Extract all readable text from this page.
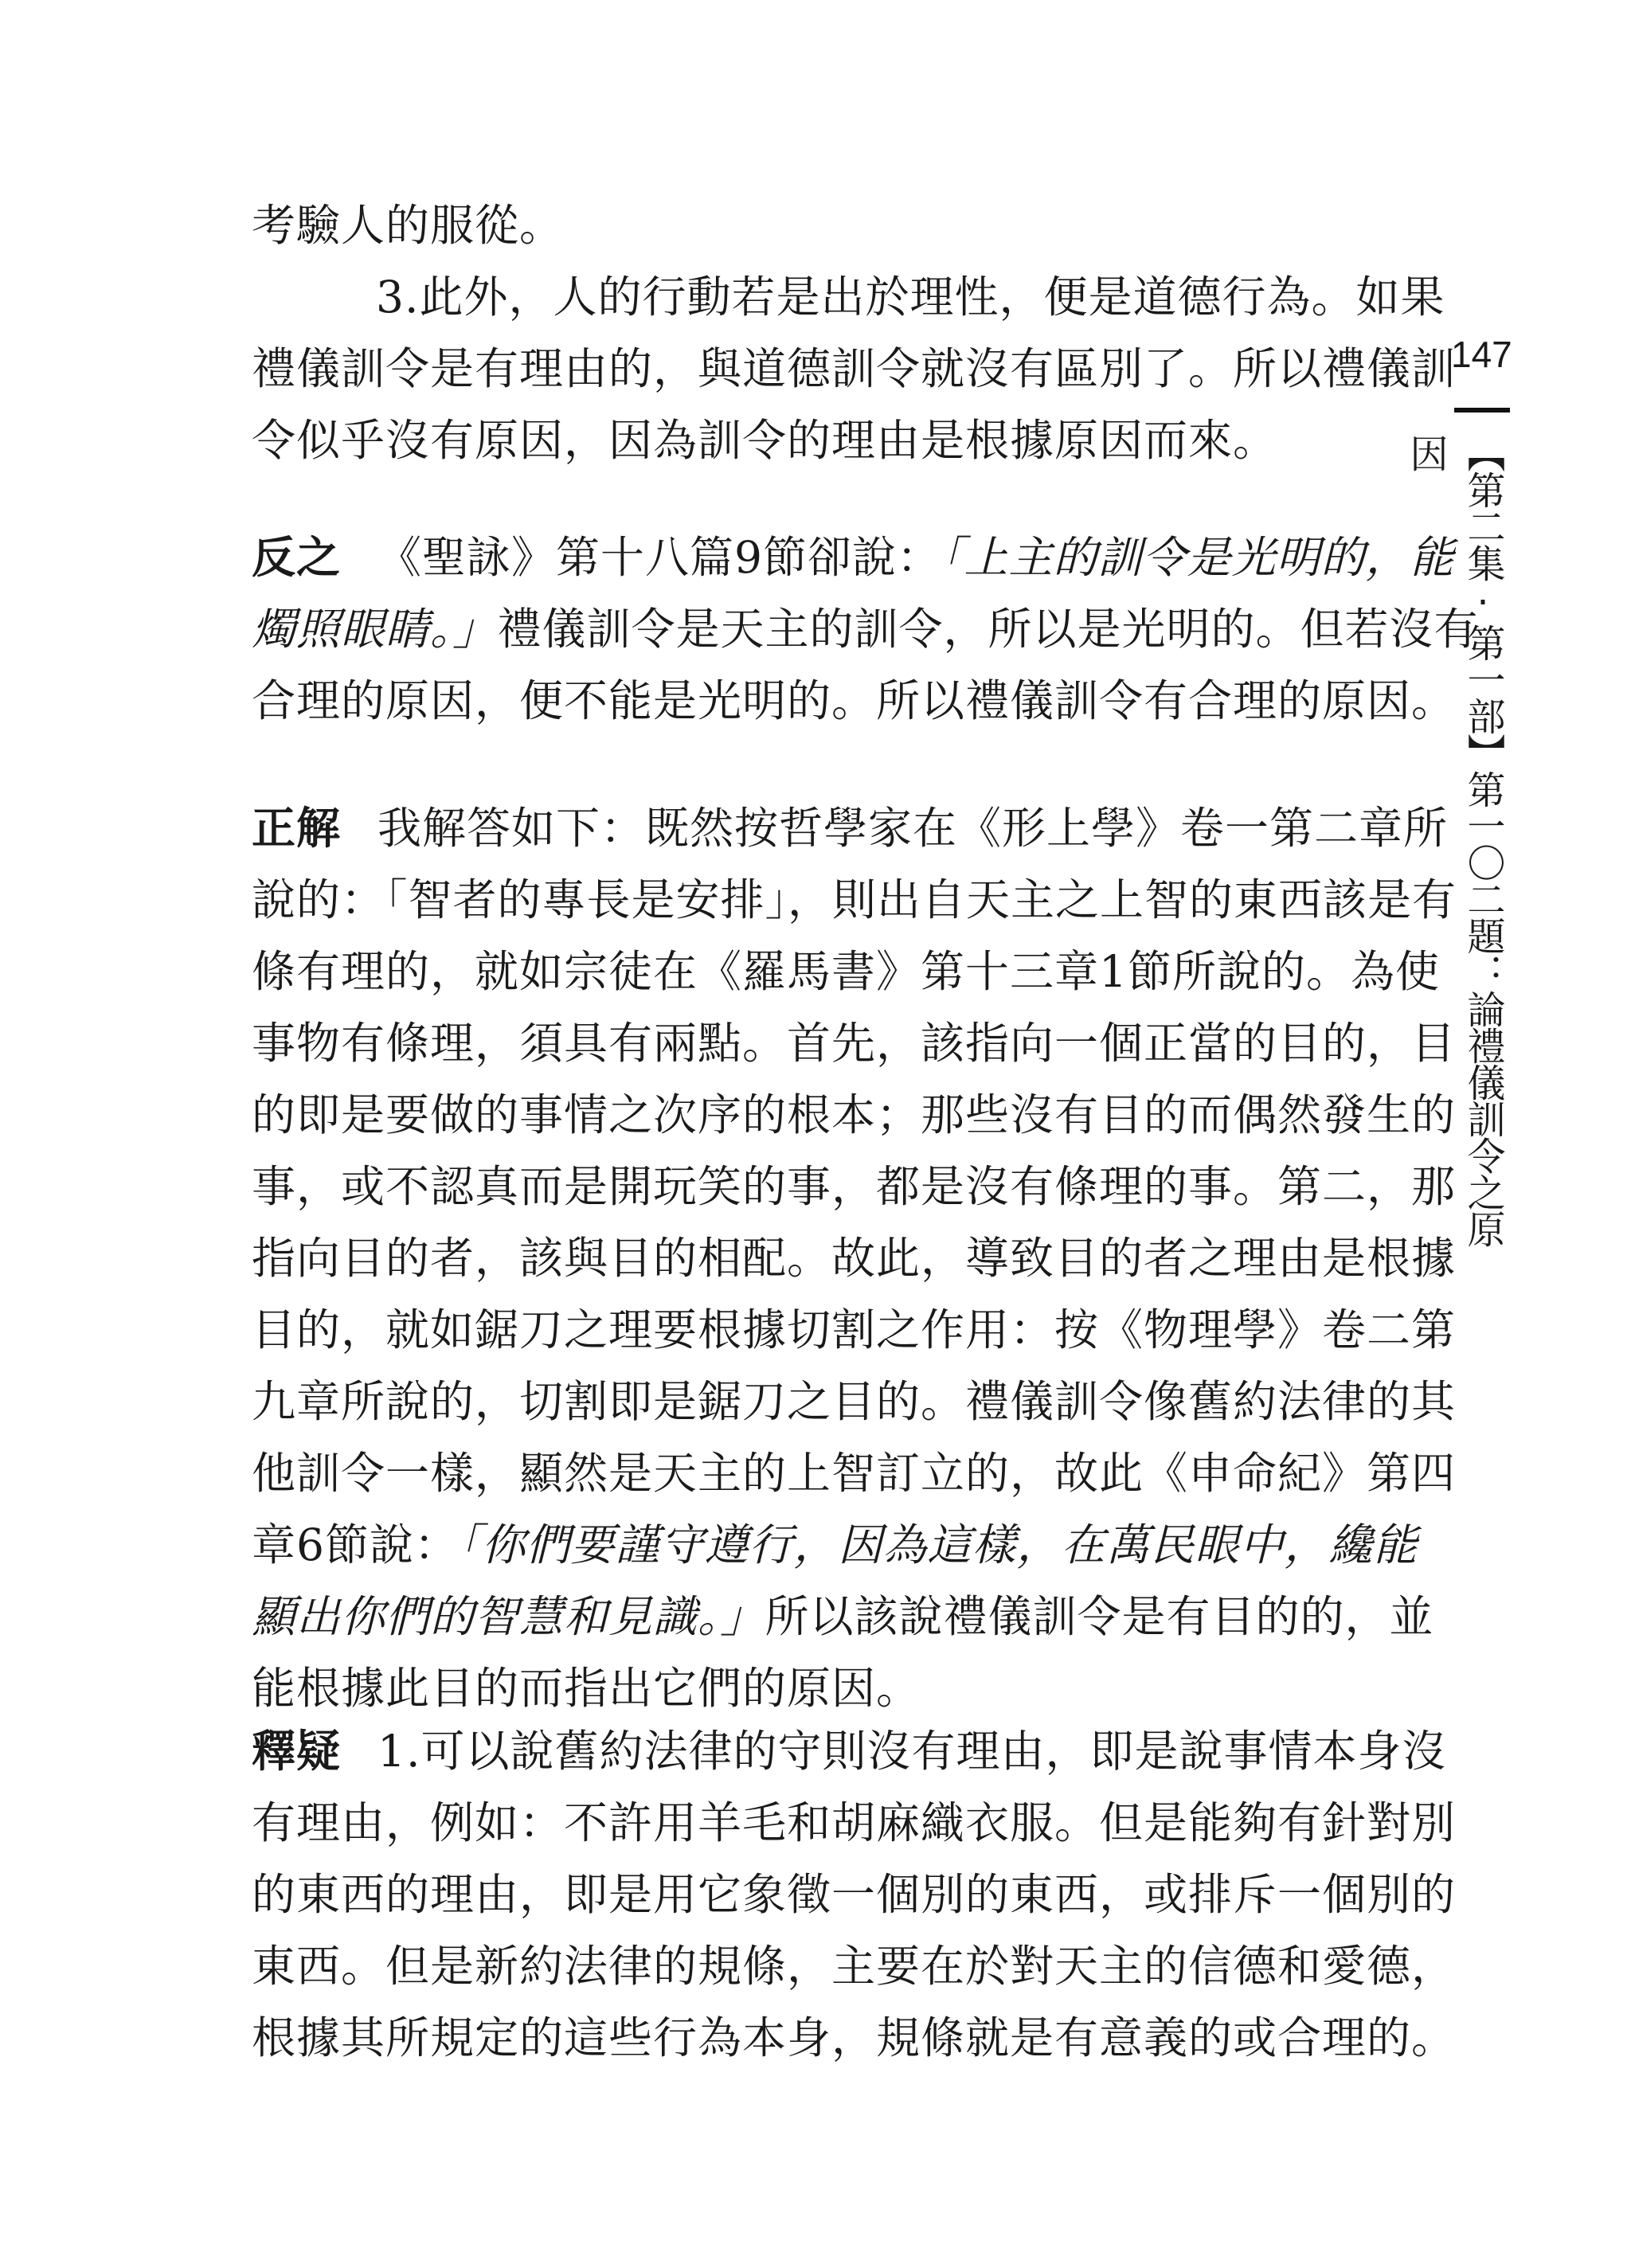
考驗人的服從。
3.此外，人的行動若是出於理性，便是道德行為。如果
禮儀訓令是有理由的，與道德訓令就沒有區別了。所以禮儀訓
令似乎沒有原因，因為訓令的理由是根據原因而來。
反之 《聖詠》第十八篇9節卻說：「上主的訓令是光明的，能
燭照眼睛。」禮儀訓令是天主的訓令，所以是光明的。但若沒有
合理的原因，便不能是光明的。所以禮儀訓令有合理的原因。
正解 我解答如下：既然按哲學家在《形上學》卷一第二章所
說的：「智者的專長是安排」，則出自天主之上智的東西該是有
條有理的，就如宗徒在《羅馬書》第十三章1節所說的。為使
事物有條理，須具有兩點。首先，該指向一個正當的目的，目
的即是要做的事情之次序的根本；那些沒有目的而偶然發生的
事，或不認真而是開玩笑的事，都是沒有條理的事。第二，那
指向目的者，該與目的相配。故此，導致目的者之理由是根據
目的，就如鋸刀之理要根據切割之作用：按《物理學》卷二第
九章所說的，切割即是鋸刀之目的。禮儀訓令像舊約法律的其
他訓令一樣，顯然是天主的上智訂立的，故此《申命紀》第四
章6節說：「你們要謹守遵行，因為這樣，在萬民眼中，纔能
顯出你們的智慧和見識。」所以該說禮儀訓令是有目的的，並
能根據此目的而指出它們的原因。
釋疑 1.可以說舊約法律的守則沒有理由，即是說事情本身沒
有理由，例如：不許用羊毛和胡麻織衣服。但是能夠有針對別
的東西的理由，即是用它象徵一個別的東西，或排斥一個別的
東西。但是新約法律的規條，主要在於對天主的信德和愛德，
根據其所規定的這些行為本身，規條就是有意義的或合理的。
147
【第二集·第一部】第一〇二題：論禮儀訓令之原因
